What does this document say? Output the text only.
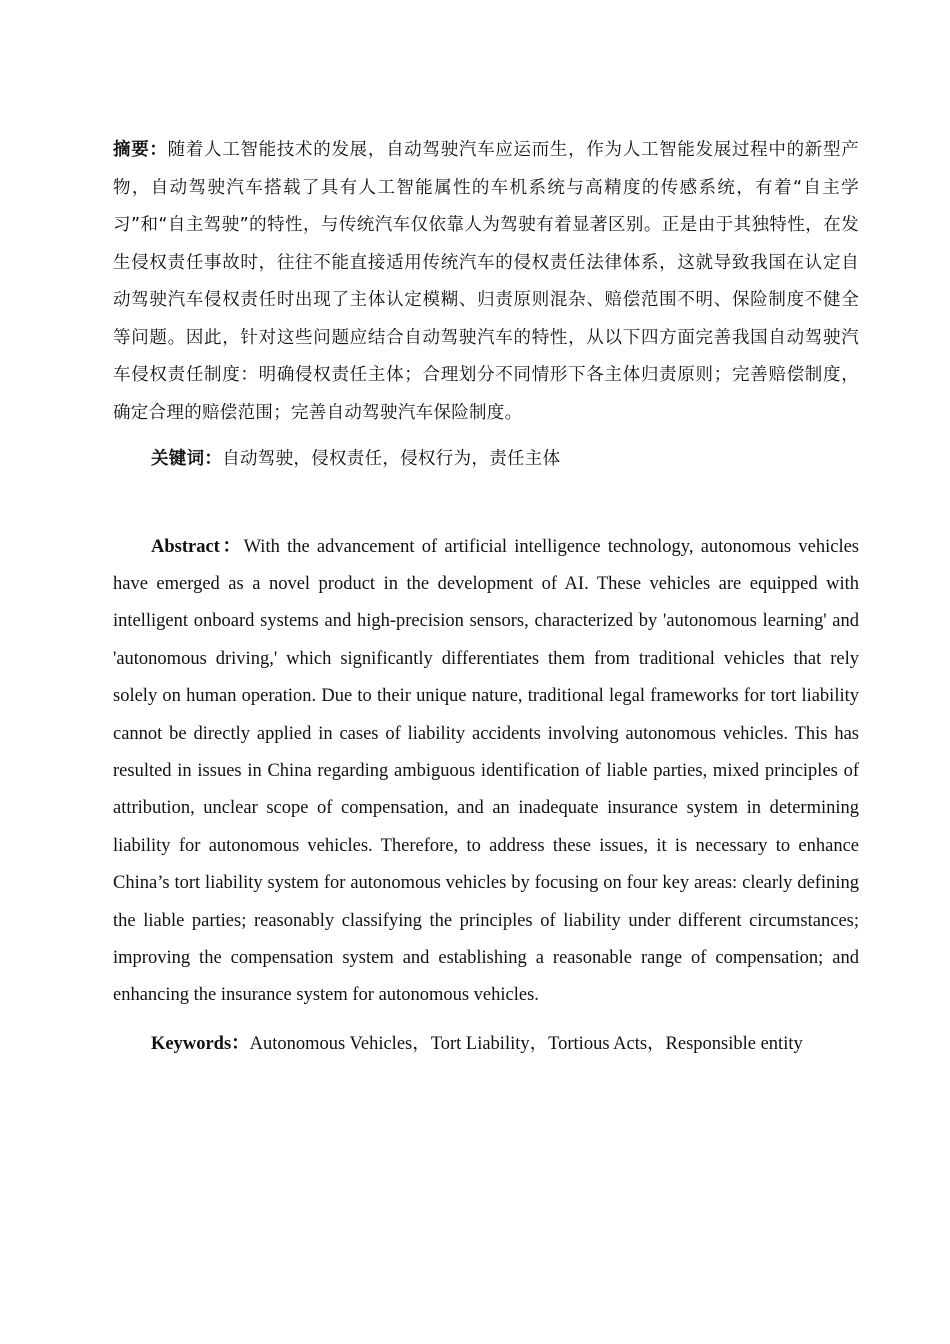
摘要：随着人工智能技术的发展，自动驾驶汽车应运而生，作为人工智能发展过程中的新型产物，自动驾驶汽车搭载了具有人工智能属性的车机系统与高精度的传感系统，有着“自主学习”和“自主驾驶”的特性，与传统汽车仅依靠人为驾驶有着显著区别。正是由于其独特性，在发生侵权责任事故时，往往不能直接适用传统汽车的侵权责任法律体系，这就导致我国在认定自动驾驶汽车侵权责任时出现了主体认定模糊、归责原则混杂、赔偿范围不明、保险制度不健全等问题。因此，针对这些问题应结合自动驾驶汽车的特性，从以下四方面完善我国自动驾驶汽车侵权责任制度：明确侵权责任主体；合理划分不同情形下各主体归责原则；完善赔偿制度，确定合理的赔偿范围；完善自动驾驶汽车保险制度。

关键词：自动驾驶，侵权责任，侵权行为，责任主体

Abstract：With the advancement of artificial intelligence technology, autonomous vehicles have emerged as a novel product in the development of AI. These vehicles are equipped with intelligent onboard systems and high-precision sensors, characterized by 'autonomous learning' and 'autonomous driving,' which significantly differentiates them from traditional vehicles that rely solely on human operation. Due to their unique nature, traditional legal frameworks for tort liability cannot be directly applied in cases of liability accidents involving autonomous vehicles. This has resulted in issues in China regarding ambiguous identification of liable parties, mixed principles of attribution, unclear scope of compensation, and an inadequate insurance system in determining liability for autonomous vehicles. Therefore, to address these issues, it is necessary to enhance China’s tort liability system for autonomous vehicles by focusing on four key areas: clearly defining the liable parties; reasonably classifying the principles of liability under different circumstances; improving the compensation system and establishing a reasonable range of compensation; and enhancing the insurance system for autonomous vehicles.

Keywords：Autonomous Vehicles，Tort Liability，Tortious Acts，Responsible entity
